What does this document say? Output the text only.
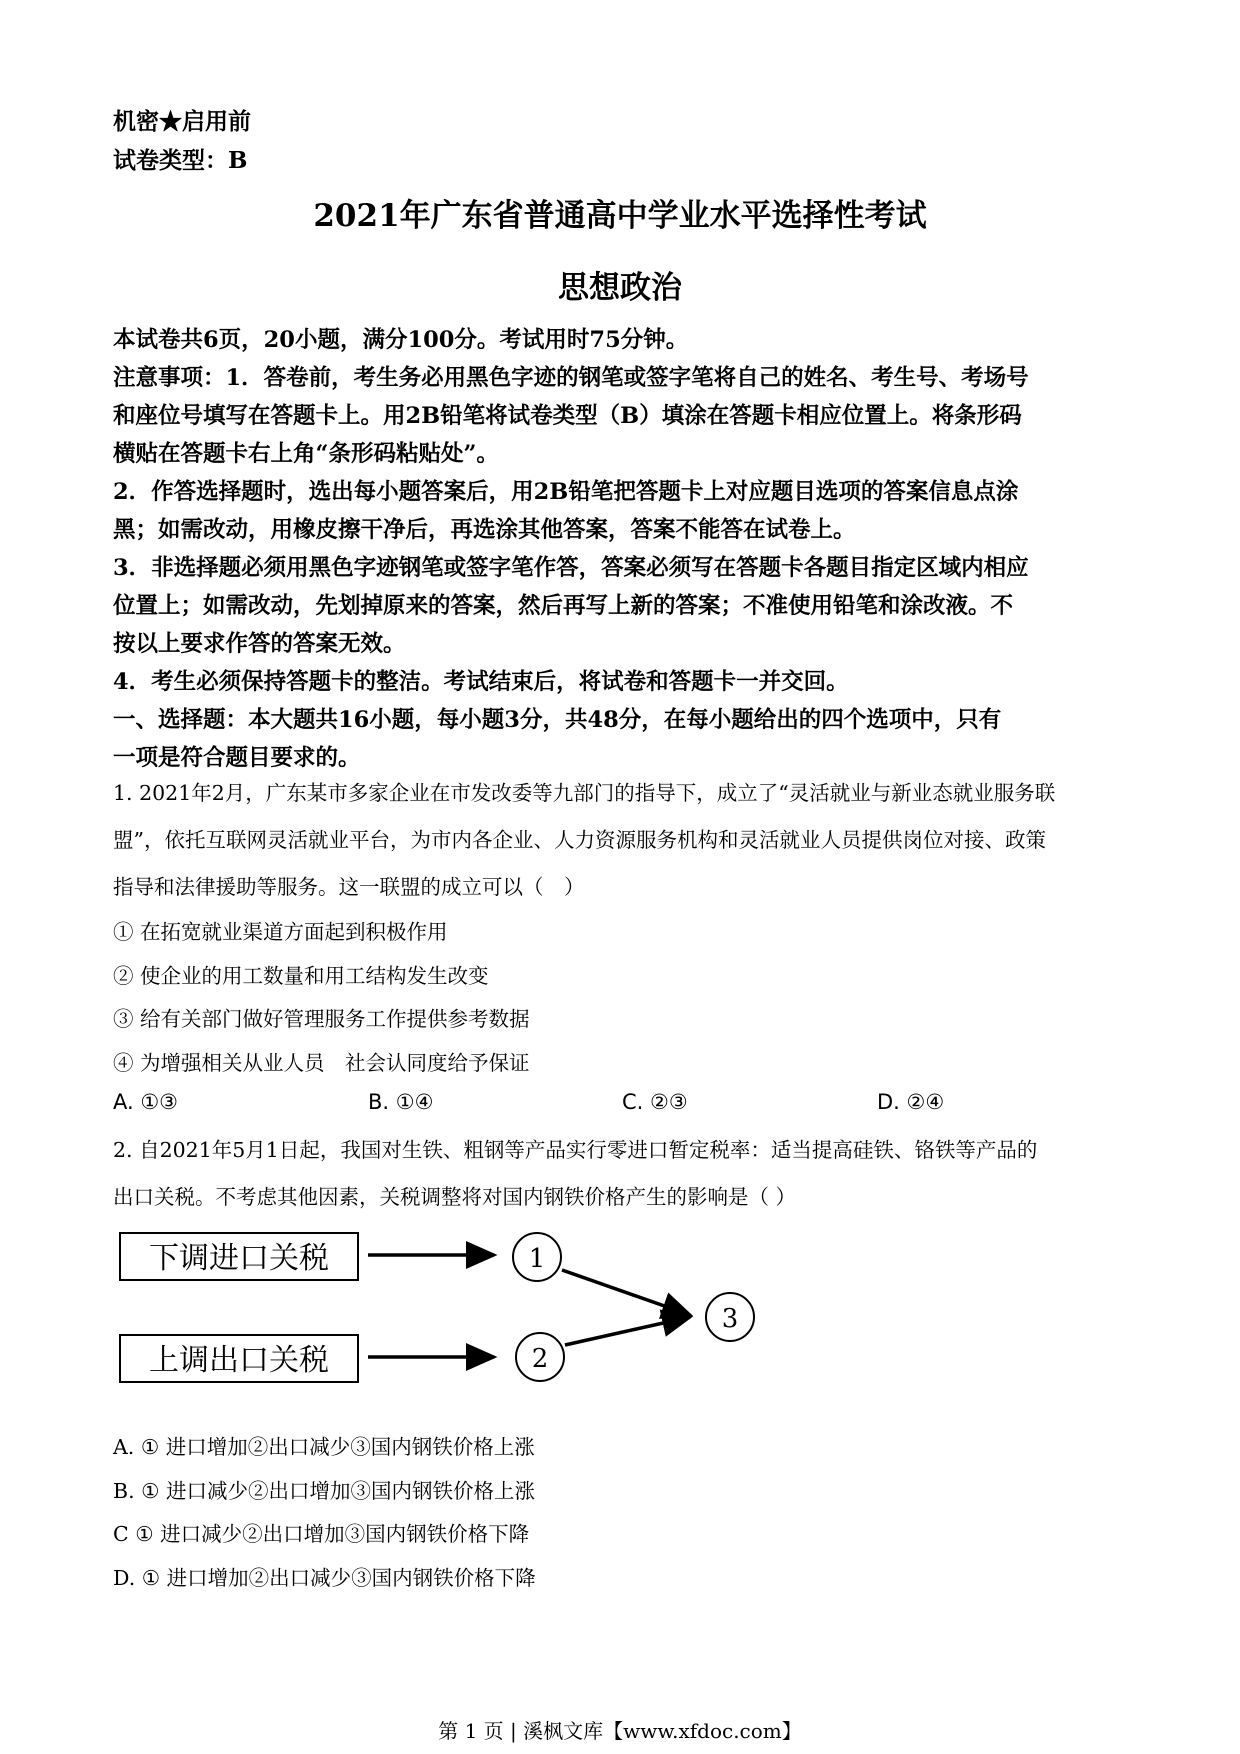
机密★启用前
试卷类型：B
2021年广东省普通高中学业水平选择性考试
思想政治
本试卷共6页，20小题，满分100分。考试用时75分钟。
注意事项：1．答卷前，考生务必用黑色字迹的钢笔或签字笔将自己的姓名、考生号、考场号
和座位号填写在答题卡上。用2B铅笔将试卷类型（B）填涂在答题卡相应位置上。将条形码
横贴在答题卡右上角“条形码粘贴处”。
2．作答选择题时，选出每小题答案后，用2B铅笔把答题卡上对应题目选项的答案信息点涂
黑；如需改动，用橡皮擦干净后，再选涂其他答案，答案不能答在试卷上。
3．非选择题必须用黑色字迹钢笔或签字笔作答，答案必须写在答题卡各题目指定区域内相应
位置上；如需改动，先划掉原来的答案，然后再写上新的答案；不准使用铅笔和涂改液。不
按以上要求作答的答案无效。
4．考生必须保持答题卡的整洁。考试结束后，将试卷和答题卡一并交回。
一、选择题：本大题共16小题，每小题3分，共48分，在每小题给出的四个选项中，只有
一项是符合题目要求的。
1. 2021年2月，广东某市多家企业在市发改委等九部门的指导下，成立了“灵活就业与新业态就业服务联
盟”，依托互联网灵活就业平台，为市内各企业、人力资源服务机构和灵活就业人员提供岗位对接、政策
指导和法律援助等服务。这一联盟的成立可以（　）
① 在拓宽就业渠道方面起到积极作用
② 使企业的用工数量和用工结构发生改变
③ 给有关部门做好管理服务工作提供参考数据
④ 为增强相关从业人员　社会认同度给予保证
A. ①③	B. ①④	C. ②③	D. ②④
2. 自2021年5月1日起，我国对生铁、粗钢等产品实行零进口暂定税率：适当提高硅铁、铬铁等产品的
出口关税。不考虑其他因素，关税调整将对国内钢铁价格产生的影响是（ ）
下调进口关税
上调出口关税
1
2
3
A. ① 进口增加②出口减少③国内钢铁价格上涨
B. ① 进口减少②出口增加③国内钢铁价格上涨
C ① 进口减少②出口增加③国内钢铁价格下降
D. ① 进口增加②出口减少③国内钢铁价格下降
第 1 页 | 溪枫文库【www.xfdoc.com】
